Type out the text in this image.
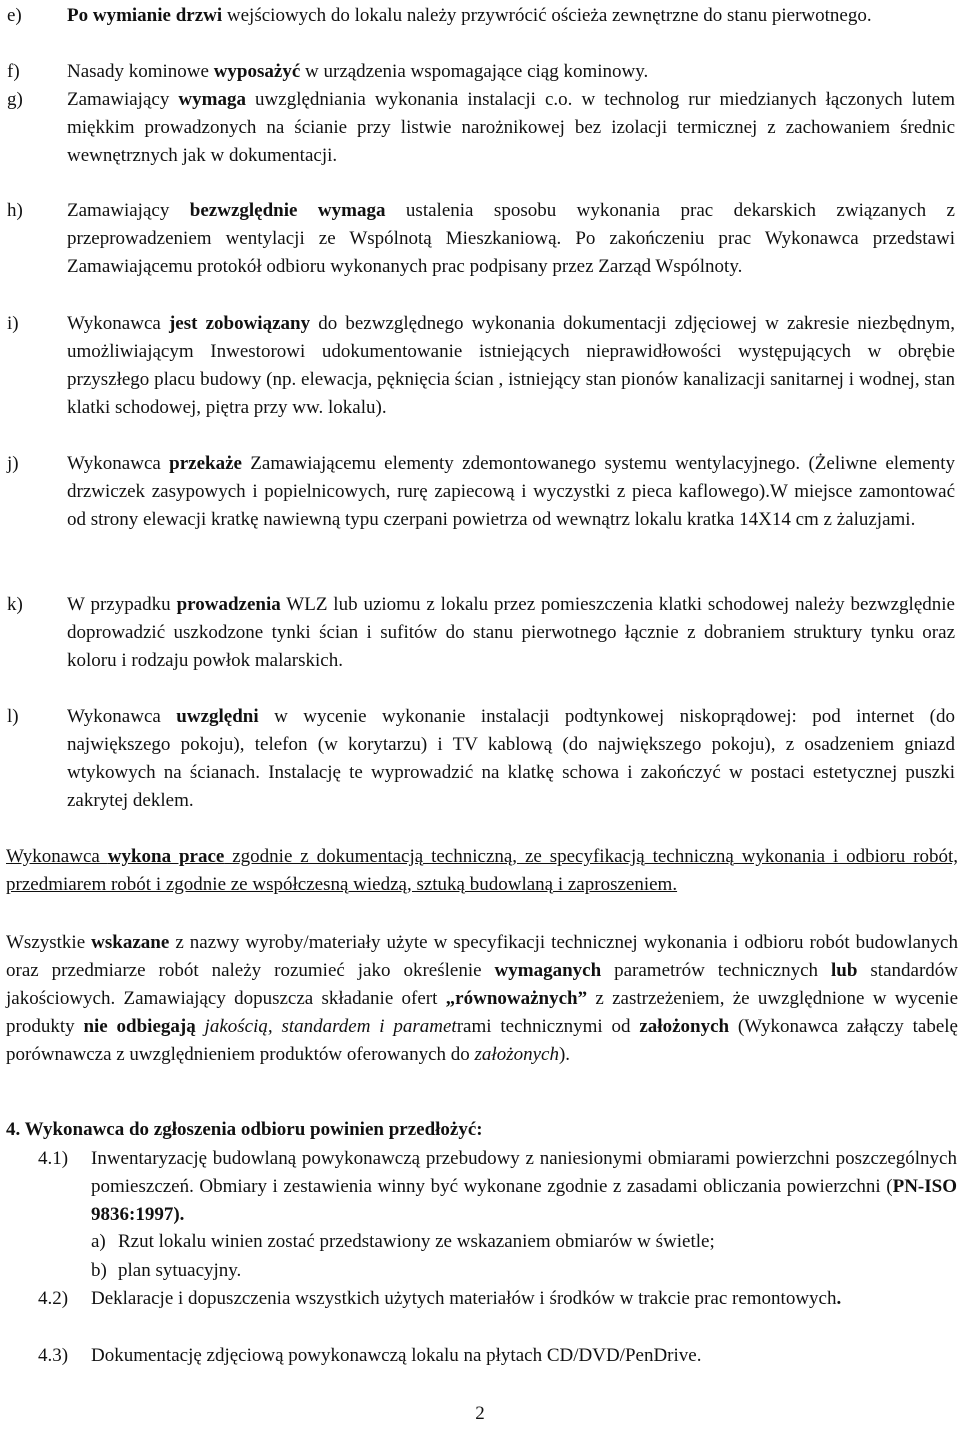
e) Po wymianie drzwi wejściowych do lokalu należy przywrócić ościeża zewnętrzne do stanu pierwotnego.
f) Nasady kominowe wyposażyć w urządzenia wspomagające ciąg kominowy.
g) Zamawiający wymaga uwzględniania wykonania instalacji c.o. w technolog rur miedzianych łączonych lutem miękkim prowadzonych na ścianie przy listwie narożnikowej bez izolacji termicznej z zachowaniem średnic wewnętrznych jak w dokumentacji.
h) Zamawiający bezwzględnie wymaga ustalenia sposobu wykonania prac dekarskich związanych z przeprowadzeniem wentylacji ze Wspólnotą Mieszkaniową. Po zakończeniu prac Wykonawca przedstawi Zamawiającemu protokół odbioru wykonanych prac podpisany przez Zarząd Wspólnoty.
i)	Wykonawca jest zobowiązany do bezwzględnego wykonania dokumentacji zdjęciowej w zakresie niezbędnym, umożliwiającym Inwestorowi udokumentowanie istniejących nieprawidłowości występujących w obrębie przyszłego placu budowy (np. elewacja, pęknięcia ścian , istniejący stan pionów kanalizacji sanitarnej i wodnej, stan klatki schodowej, piętra przy ww. lokalu).
j)	Wykonawca przekaże Zamawiającemu elementy zdemontowanego systemu wentylacyjnego. (Żeliwne elementy drzwiczek zasypowych i popielnicowych, rurę zapiecową i wyczystki z pieca kaflowego).W miejsce zamontować od strony elewacji kratkę nawiewną typu czerpani powietrza od wewnątrz lokalu kratka 14X14 cm z żaluzjami.
k) W przypadku prowadzenia WLZ lub uziomu z lokalu przez pomieszczenia klatki schodowej należy bezwzględnie doprowadzić uszkodzone tynki ścian i sufitów do stanu pierwotnego łącznie z dobraniem struktury tynku oraz koloru i rodzaju powłok malarskich.
l)	Wykonawca uwzględni w wycenie wykonanie instalacji podtynkowej niskoprądowej: pod internet (do największego pokoju), telefon (w korytarzu) i TV kablową (do największego pokoju), z osadzeniem gniazd wtykowych na ścianach. Instalację te wyprowadzić na klatkę schowa i zakończyć w postaci estetycznej puszki zakrytej deklem.
Wykonawca wykona prace zgodnie z dokumentacją techniczną, ze specyfikacją techniczną wykonania i odbioru robót, przedmiarem robót i zgodnie ze współczesną wiedzą, sztuką budowlaną i zaproszeniem.
Wszystkie wskazane z nazwy wyroby/materiały użyte w specyfikacji technicznej wykonania i odbioru robót budowlanych oraz przedmiarze robót należy rozumieć jako określenie wymaganych parametrów technicznych lub standardów jakościowych. Zamawiający dopuszcza składanie ofert „równoważnych” z zastrzeżeniem, że uwzględnione w wycenie produkty nie odbiegają jakością, standardem i parametrami technicznymi od założonych (Wykonawca załączy tabelę porównawcza z uwzględnieniem produktów oferowanych do założonych).
4. Wykonawca do zgłoszenia odbioru powinien przedłożyć:
4.1) Inwentaryzację budowlaną powykonawczą przebudowy z naniesionymi obmiarami powierzchni poszczególnych pomieszczeń. Obmiary i zestawienia winny być wykonane zgodnie z zasadami obliczania powierzchni (PN-ISO 9836:1997).
a) Rzut lokalu winien zostać przedstawiony ze wskazaniem obmiarów w świetle;
b) plan sytuacyjny.
4.2) Deklaracje i dopuszczenia wszystkich użytych materiałów i środków w trakcie prac remontowych.
4.3) Dokumentację zdjęciową powykonawczą lokalu na płytach CD/DVD/PenDrive.
2
